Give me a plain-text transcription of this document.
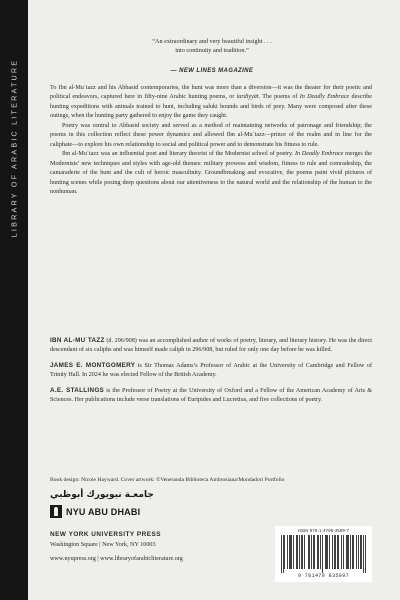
LIBRARY OF ARABIC LITERATURE
“An extraordinary and very beautiful insight . . .
into continuity and tradition.”
— NEW LINES MAGAZINE

To Ibn al-Muʿtazz and his Abbasid contemporaries, the hunt was more than a diversion—it was the theater for their poetic and political endeavors, captured here in fifty-nine Arabic hunting poems, or ṫardiyyāt. The poems of In Deadly Embrace describe hunting expeditions with animals trained to hunt, including saluki hounds and birds of prey. Many were composed after these outings, when the hunting party gathered to enjoy the game they caught.

Poetry was central to Abbasid society and served as a method of maintaining networks of patronage and friendship; the poems in this collection reflect these power dynamics and allowed Ibn al-Muʿtazz—prince of the realm and in line for the caliphate—to explore his own relationship to social and political power and to demonstrate his fitness to rule.

Ibn al-Muʿtazz was an influential poet and literary theorist of the Modernist school of poetry. In Deadly Embrace merges the Modernists’ new techniques and styles with age-old themes: military prowess and wisdom, fitness to rule and comradeship, the camaraderie of the hunt and the cult of heroic masculinity. Groundbreaking and evocative, the poems paint vivid pictures of hunting scenes while posing deep questions about our attentiveness to the natural world and the relationship of the human to the nonhuman.

IBN AL-MUʿTAZZ (d. 296/908) was an accomplished author of works of poetry, literary, and literary history. He was the direct descendant of six caliphs and was himself made caliph in 296/908, but ruled for only one day before he was killed.

JAMES E. MONTGOMERY is Sir Thomas Adams’s Professor of Arabic at the University of Cambridge and Fellow of Trinity Hall. In 2024 he was elected Fellow of the British Academy.

A.E. STALLINGS is the Professor of Poetry at the University of Oxford and a Fellow of the American Academy of Arts & Sciences. Her publications include verse translations of Euripides and Lucretius, and five collections of poetry.

Book design: Nicole Hayward. Cover artwork: ©Veneranda Biblioteca Ambrosiana/Mondadori Portfolio
جامعـة نيويورك أبوظبي
NYU ABU DHABI
NEW YORK UNIVERSITY PRESS
Washington Square | New York, NY 10003
www.nyupress.org | www.libraryofarabicliterature.org
ISBN 978-1-4798-3599-7
9 781479 835997
